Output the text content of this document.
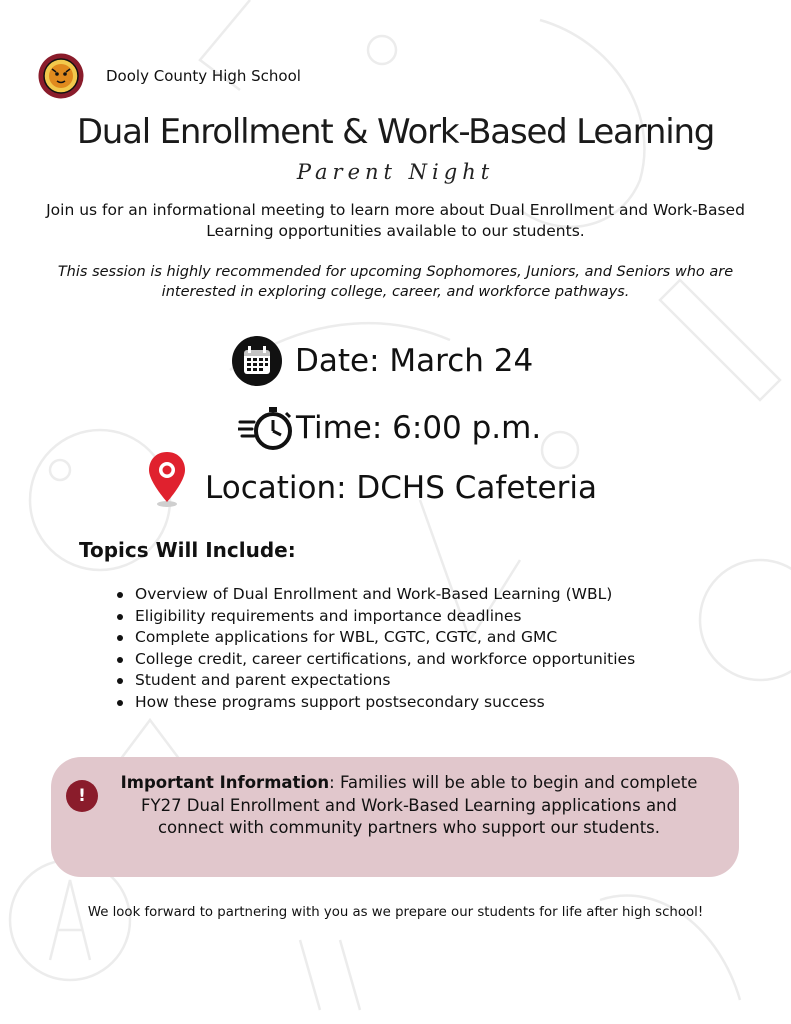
Dooly County High School
Dual Enrollment & Work-Based Learning
Parent Night
Join us for an informational meeting to learn more about Dual Enrollment and Work-Based Learning opportunities available to our students.
This session is highly recommended for upcoming Sophomores, Juniors, and Seniors who are interested in exploring college, career, and workforce pathways.
Date: March 24
Time: 6:00 p.m.
Location: DCHS Cafeteria
Topics Will Include:
Overview of Dual Enrollment and Work-Based Learning (WBL)
Eligibility requirements and importance deadlines
Complete applications for WBL, CGTC, CGTC, and GMC
College credit, career certifications, and workforce opportunities
Student and parent expectations
How these programs support postsecondary success
!
Important Information: Families will be able to begin and complete FY27 Dual Enrollment and Work-Based Learning applications and connect with community partners who support our students.
We look forward to partnering with you as we prepare our students for life after high school!
